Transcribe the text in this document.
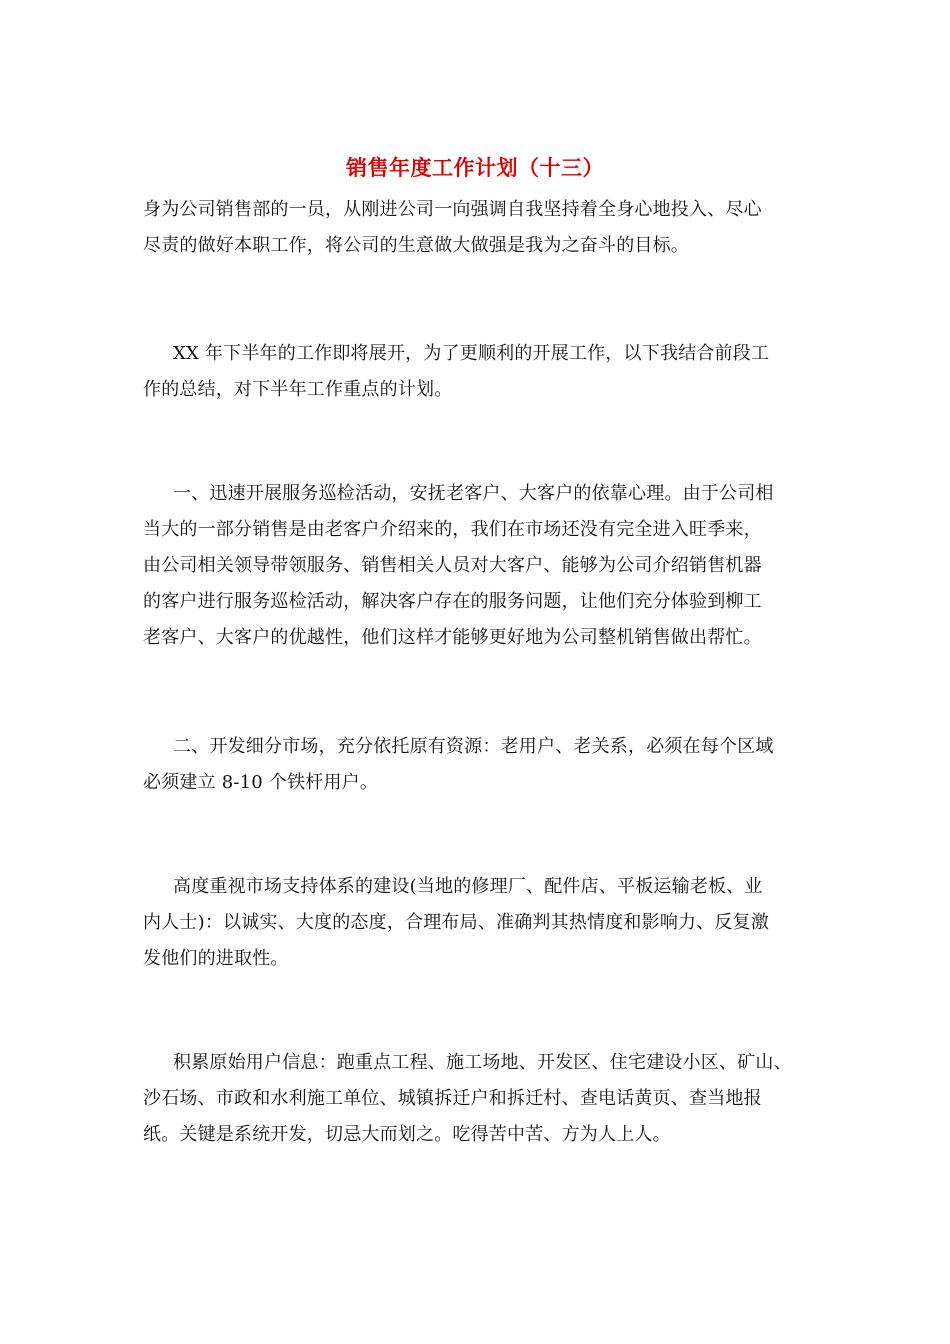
销售年度工作计划（十三）
身为公司销售部的一员，从刚进公司一向强调自我坚持着全身心地投入、尽心
尽责的做好本职工作，将公司的生意做大做强是我为之奋斗的目标。
XX 年下半年的工作即将展开，为了更顺利的开展工作，以下我结合前段工
作的总结，对下半年工作重点的计划。
一、迅速开展服务巡检活动，安抚老客户、大客户的依靠心理。由于公司相
当大的一部分销售是由老客户介绍来的，我们在市场还没有完全进入旺季来，
由公司相关领导带领服务、销售相关人员对大客户、能够为公司介绍销售机器
的客户进行服务巡检活动，解决客户存在的服务问题，让他们充分体验到柳工
老客户、大客户的优越性，他们这样才能够更好地为公司整机销售做出帮忙。
二、开发细分市场，充分依托原有资源：老用户、老关系，必须在每个区域
必须建立 8-10 个铁杆用户。
高度重视市场支持体系的建设(当地的修理厂、配件店、平板运输老板、业
内人士)：以诚实、大度的态度，合理布局、准确判其热情度和影响力、反复激
发他们的进取性。
积累原始用户信息：跑重点工程、施工场地、开发区、住宅建设小区、矿山、
沙石场、市政和水利施工单位、城镇拆迁户和拆迁村、查电话黄页、查当地报
纸。关键是系统开发，切忌大而划之。吃得苦中苦、方为人上人。
